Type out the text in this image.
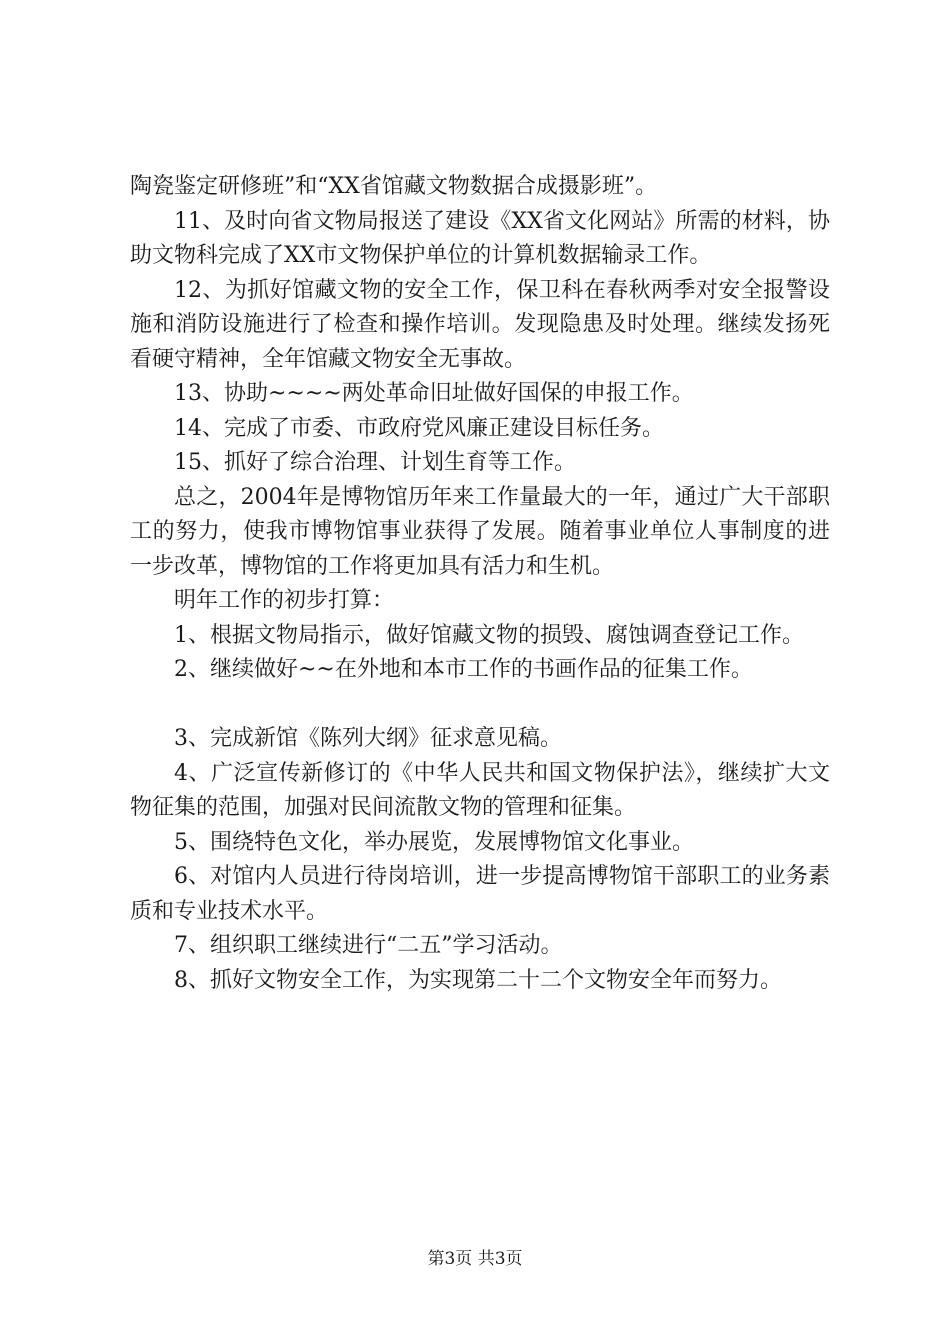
陶瓷鉴定研修班”和“XX省馆藏文物数据合成摄影班”。

11、及时向省文物局报送了建设《XX省文化网站》所需的材料，协助文物科完成了XX市文物保护单位的计算机数据输录工作。

12、为抓好馆藏文物的安全工作，保卫科在春秋两季对安全报警设施和消防设施进行了检查和操作培训。发现隐患及时处理。继续发扬死看硬守精神，全年馆藏文物安全无事故。

13、协助~~~~两处革命旧址做好国保的申报工作。

14、完成了市委、市政府党风廉正建设目标任务。

15、抓好了综合治理、计划生育等工作。

总之，2004年是博物馆历年来工作量最大的一年，通过广大干部职工的努力，使我市博物馆事业获得了发展。随着事业单位人事制度的进一步改革，博物馆的工作将更加具有活力和生机。

明年工作的初步打算：

1、根据文物局指示，做好馆藏文物的损毁、腐蚀调查登记工作。

2、继续做好~~在外地和本市工作的书画作品的征集工作。

3、完成新馆《陈列大纲》征求意见稿。

4、广泛宣传新修订的《中华人民共和国文物保护法》，继续扩大文物征集的范围，加强对民间流散文物的管理和征集。

5、围绕特色文化，举办展览，发展博物馆文化事业。

6、对馆内人员进行待岗培训，进一步提高博物馆干部职工的业务素质和专业技术水平。

7、组织职工继续进行“二五”学习活动。

8、抓好文物安全工作，为实现第二十二个文物安全年而努力。

第3页 共3页
